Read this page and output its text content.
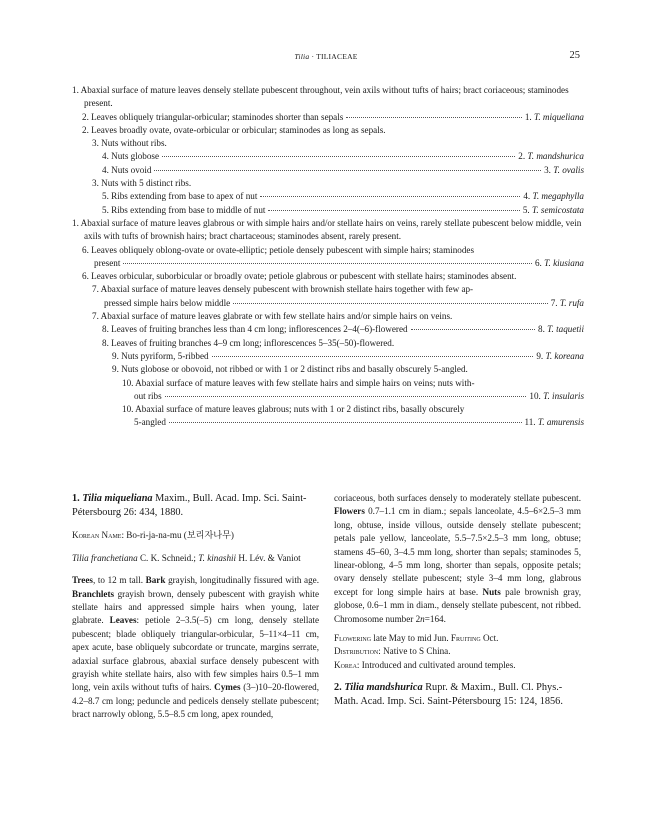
Tilia · TILIACEAE	25
1. Abaxial surface of mature leaves densely stellate pubescent throughout, vein axils without tufts of hairs; bract coriaceous; staminodes present.
2. Leaves obliquely triangular-orbicular; staminodes shorter than sepals	1. T. miqueliana
2. Leaves broadly ovate, ovate-orbicular or orbicular; staminodes as long as sepals.
3. Nuts without ribs.
4. Nuts globose	2. T. mandshurica
4. Nuts ovoid	3. T. ovalis
3. Nuts with 5 distinct ribs.
5. Ribs extending from base to apex of nut	4. T. megaphylla
5. Ribs extending from base to middle of nut	5. T. semicostata
1. Abaxial surface of mature leaves glabrous or with simple hairs and/or stellate hairs on veins, rarely stellate pubescent below middle, vein axils with tufts of brownish hairs; bract chartaceous; staminodes absent, rarely present.
6. Leaves obliquely oblong-ovate or ovate-elliptic; petiole densely pubescent with simple hairs; staminodes
present	6. T. kiusiana
6. Leaves orbicular, suborbicular or broadly ovate; petiole glabrous or pubescent with stellate hairs; staminodes absent.
7. Abaxial surface of mature leaves densely pubescent with brownish stellate hairs together with few ap-
pressed simple hairs below middle	7. T. rufa
7. Abaxial surface of mature leaves glabrate or with few stellate hairs and/or simple hairs on veins.
8. Leaves of fruiting branches less than 4 cm long; inflorescences 2–4(–6)-flowered	8. T. taquetii
8. Leaves of fruiting branches 4–9 cm long; inflorescences 5–35(–50)-flowered.
9. Nuts pyriform, 5-ribbed	9. T. koreana
9. Nuts globose or obovoid, not ribbed or with 1 or 2 distinct ribs and basally obscurely 5-angled.
10. Abaxial surface of mature leaves with few stellate hairs and simple hairs on veins; nuts with-
out ribs	10. T. insularis
10. Abaxial surface of mature leaves glabrous; nuts with 1 or 2 distinct ribs, basally obscurely
5-angled	11. T. amurensis

1. Tilia miqueliana Maxim., Bull. Acad. Imp. Sci. Saint-Pétersbourg 26: 434, 1880.

Korean Name: Bo-ri-ja-na-mu (보리자나무)

Tilia franchetiana C. K. Schneid.; T. kinashii H. Lév. & Vaniot

Trees, to 12 m tall. Bark grayish, longitudinally fissured with age. Branchlets grayish brown, densely pubescent with grayish white stellate hairs and appressed simple hairs when young, later glabrate. Leaves: petiole 2–3.5(–5) cm long, densely stellate pubescent; blade obliquely triangular-orbicular, 5–11×4–11 cm, apex acute, base obliquely subcordate or truncate, margins serrate, adaxial surface glabrous, abaxial surface densely pubescent with grayish white stellate hairs, also with few simples hairs 0.5–1 mm long, vein axils without tufts of hairs. Cymes (3–)10–20-flowered, 4.2–8.7 cm long; peduncle and pedicels densely stellate pubescent; bract narrowly oblong, 5.5–8.5 cm long, apex rounded,

coriaceous, both surfaces densely to moderately stellate pubescent. Flowers 0.7–1.1 cm in diam.; sepals lanceolate, 4.5–6×2.5–3 mm long, obtuse, inside villous, outside densely stellate pubescent; petals pale yellow, lanceolate, 5.5–7.5×2.5–3 mm long, obtuse; stamens 45–60, 3–4.5 mm long, shorter than sepals; staminodes 5, linear-oblong, 4–5 mm long, shorter than sepals, opposite petals; ovary densely stellate pubescent; style 3–4 mm long, glabrous except for long simple hairs at base. Nuts pale brownish gray, globose, 0.6–1 mm in diam., densely stellate pubescent, not ribbed. Chromosome number 2n=164.

Flowering late May to mid Jun. Fruiting Oct.

Distribution: Native to S China.

Korea: Introduced and cultivated around temples.

2. Tilia mandshurica Rupr. & Maxim., Bull. Cl. Phys.-Math. Acad. Imp. Sci. Saint-Pétersbourg 15: 124, 1856.
